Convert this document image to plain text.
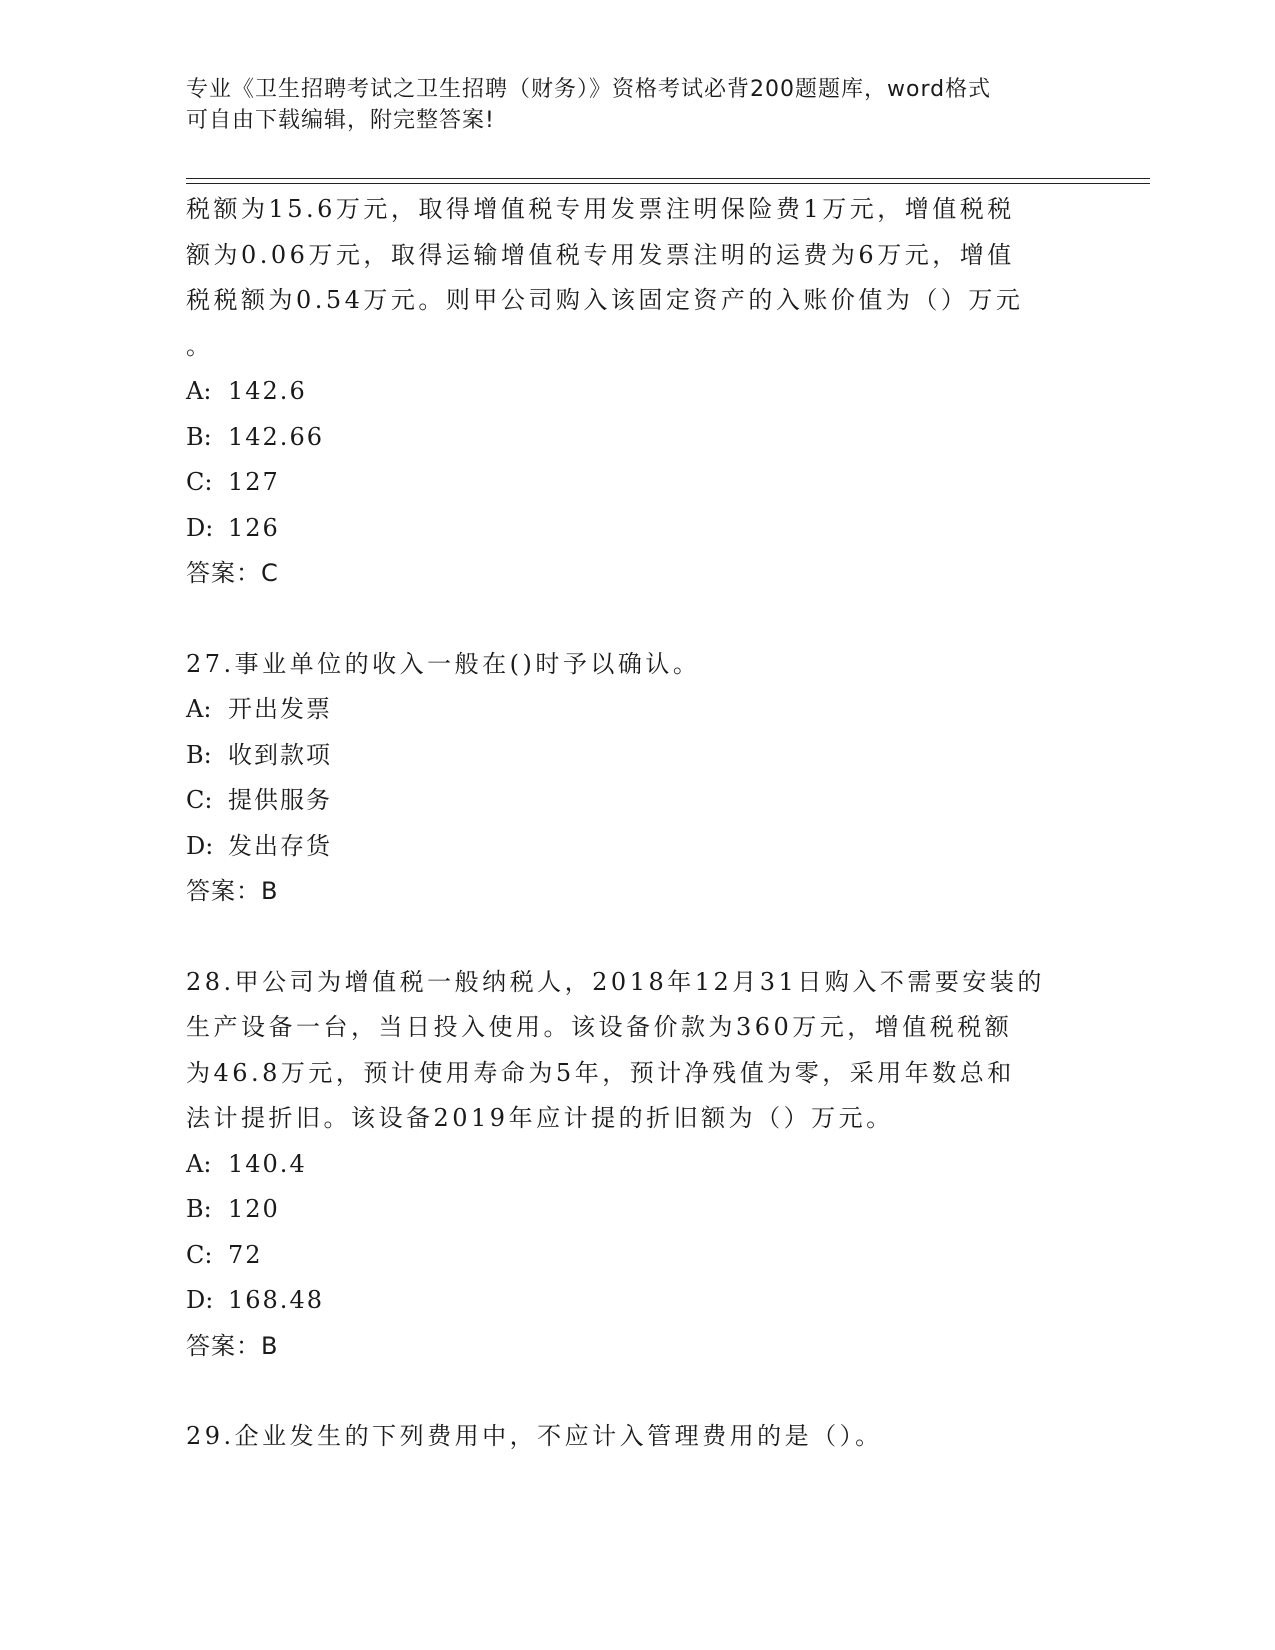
专业《卫生招聘考试之卫生招聘（财务）》资格考试必背200题题库，word格式
可自由下载编辑，附完整答案!

税额为15.6万元，取得增值税专用发票注明保险费1万元，增值税税

额为0.06万元，取得运输增值税专用发票注明的运费为6万元，增值

税税额为0.54万元。则甲公司购入该固定资产的入账价值为（）万元

。

A: 142.6

B: 142.66

C: 127

D: 126

答案：C

27.事业单位的收入一般在()时予以确认。

A: 开出发票

B: 收到款项

C: 提供服务

D: 发出存货

答案：B

28.甲公司为增值税一般纳税人，2018年12月31日购入不需要安装的

生产设备一台，当日投入使用。该设备价款为360万元，增值税税额

为46.8万元，预计使用寿命为5年，预计净残值为零，采用年数总和

法计提折旧。该设备2019年应计提的折旧额为（）万元。

A: 140.4

B: 120

C: 72

D: 168.48

答案：B

29.企业发生的下列费用中，不应计入管理费用的是（）。
